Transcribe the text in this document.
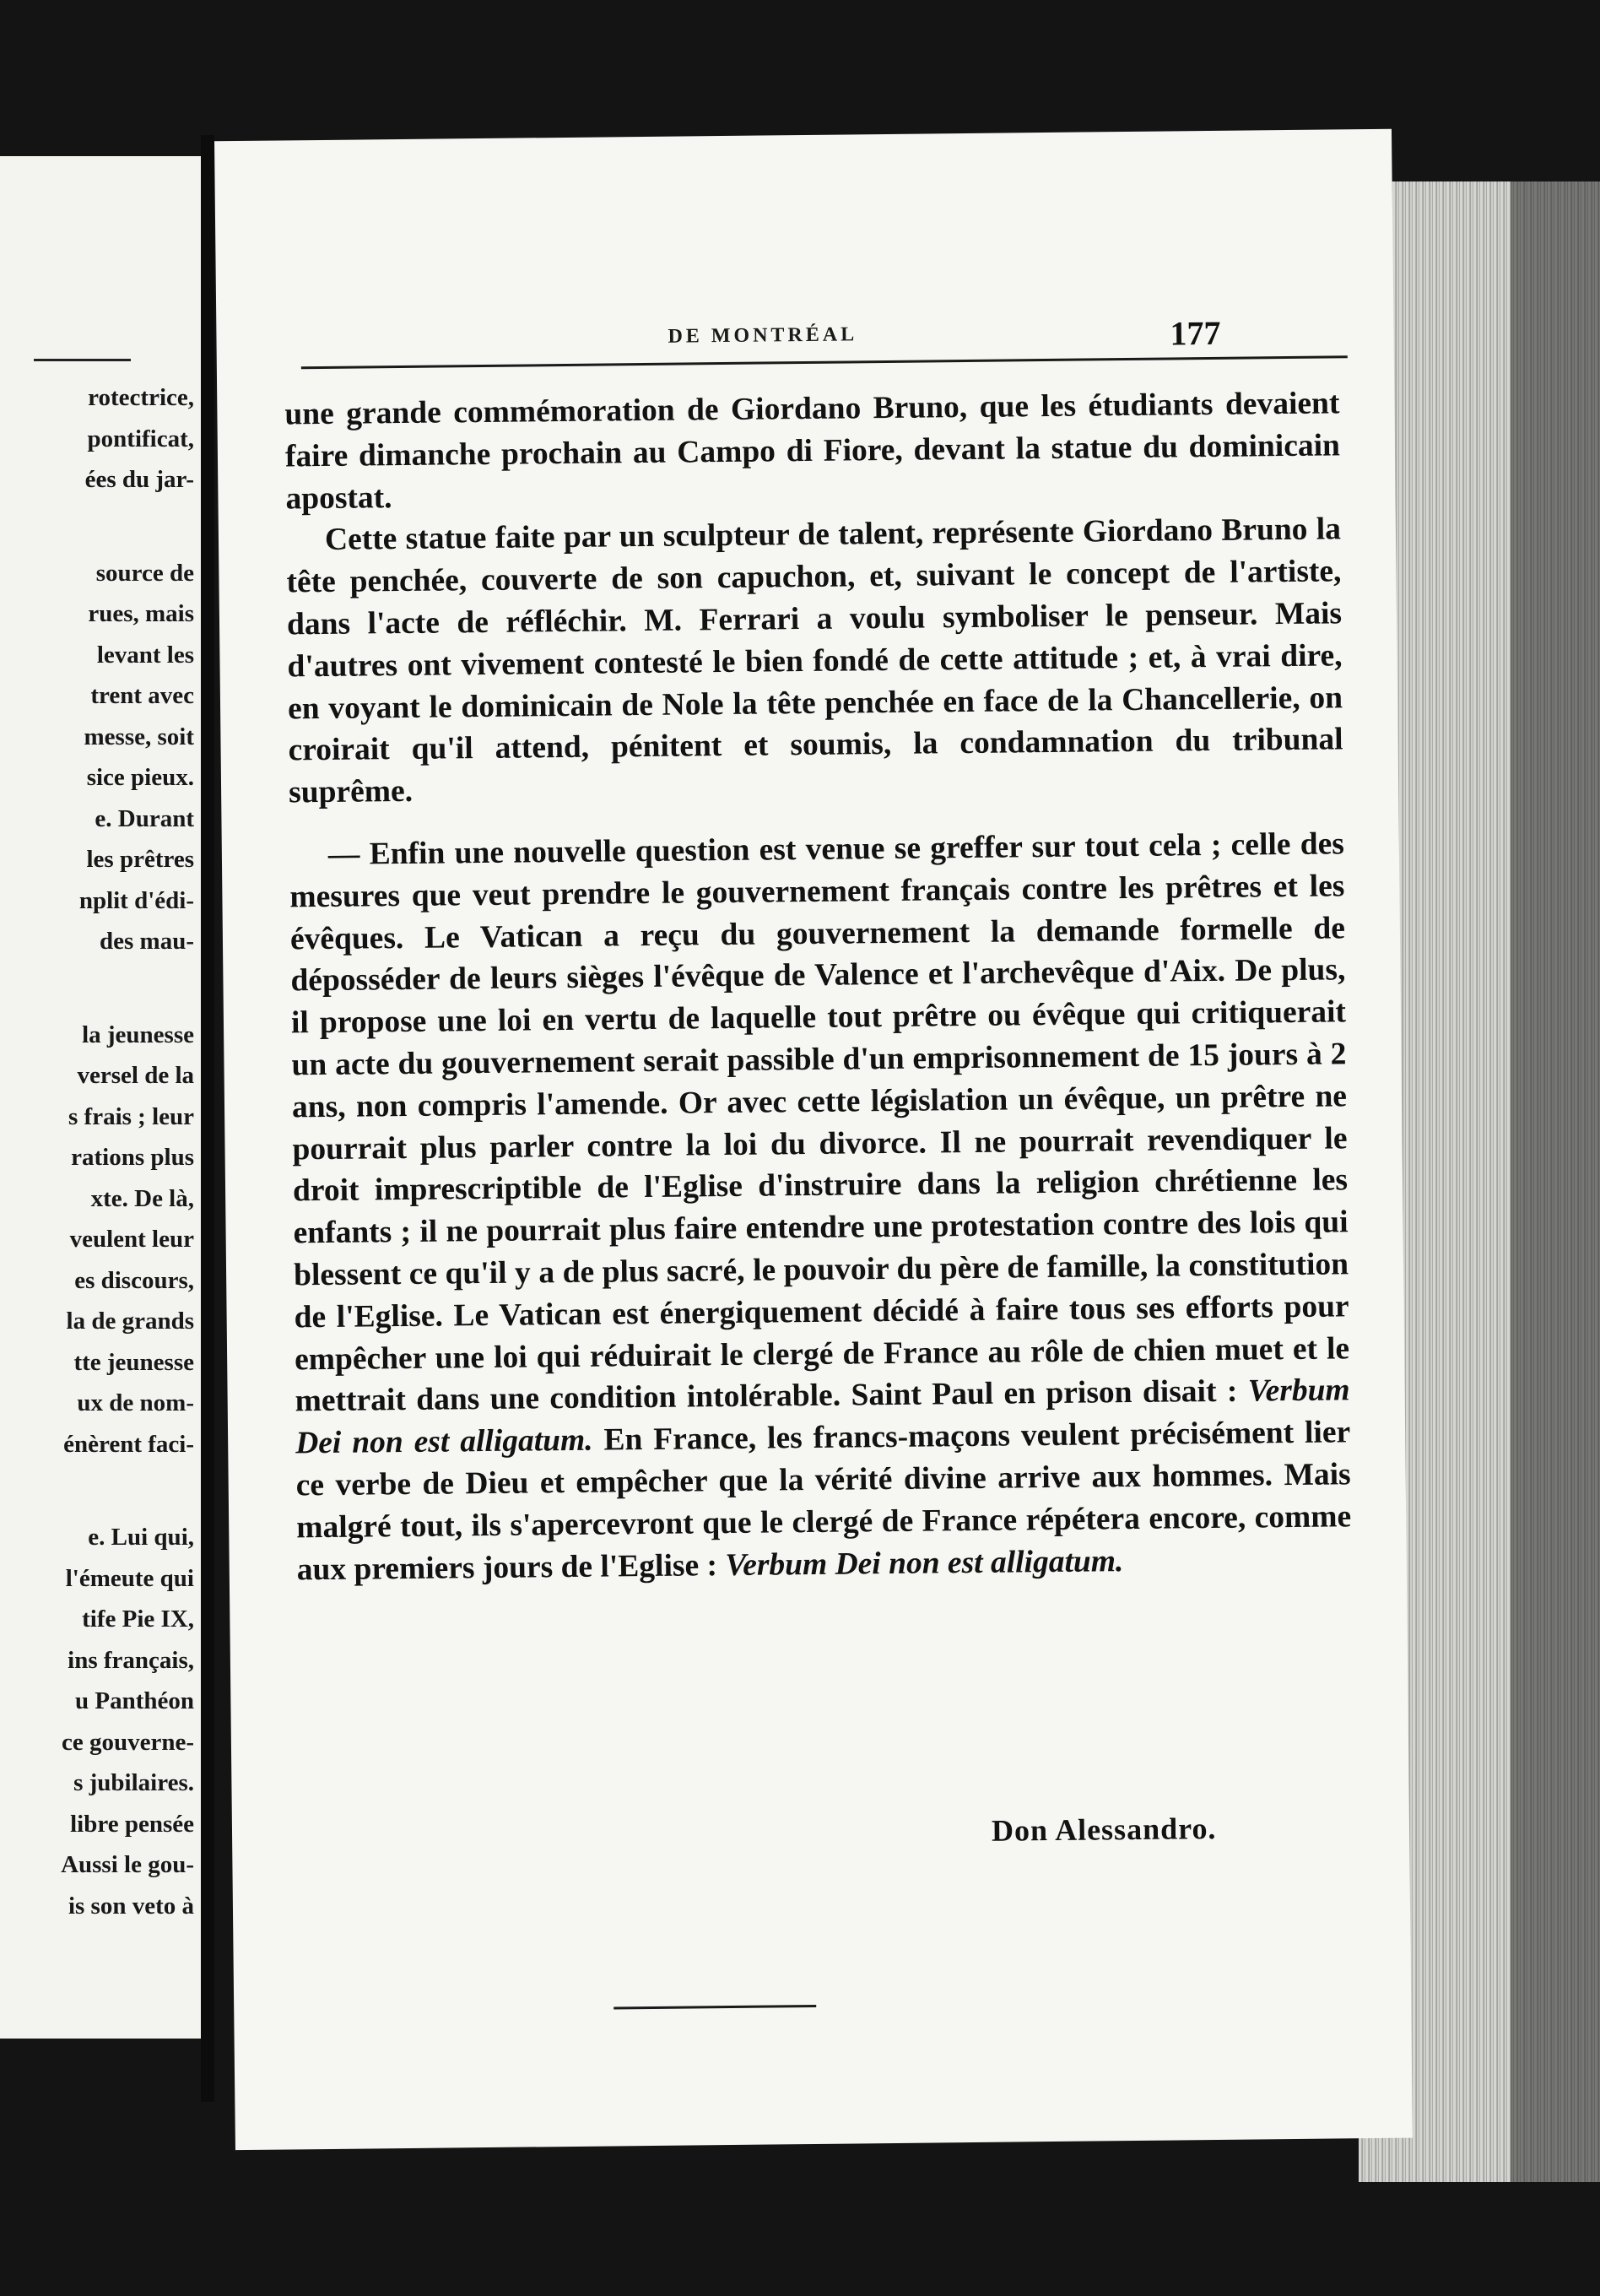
rotectrice,
pontificat,
ées du jar-
source de
rues, mais
levant les
trent avec
messe, soit
sice pieux.
e. Durant
les prêtres
nplit d'édi-
des mau-
la jeunesse
versel de la
s frais ; leur
rations plus
xte. De là,
veulent leur
es discours,
la de grands
tte jeunesse
ux de nom-
énèrent faci-
e. Lui qui,
l'émeute qui
tife Pie IX,
ins français,
u Panthéon
ce gouverne-
s jubilaires.
libre pensée
Aussi le gou-
is son veto à
DE MONTRÉAL	177

une grande commémoration de Giordano Bruno, que les étudiants devaient faire dimanche prochain au Campo di Fiore, devant la statue du dominicain apostat.

Cette statue faite par un sculpteur de talent, représente Giordano Bruno la tête penchée, couverte de son capuchon, et, suivant le concept de l'artiste, dans l'acte de réfléchir. M. Ferrari a voulu symboliser le penseur. Mais d'autres ont vivement contesté le bien fondé de cette attitude ; et, à vrai dire, en voyant le dominicain de Nole la tête penchée en face de la Chancellerie, on croirait qu'il attend, pénitent et soumis, la condamnation du tribunal suprême.

— Enfin une nouvelle question est venue se greffer sur tout cela ; celle des mesures que veut prendre le gouvernement français contre les prêtres et les évêques. Le Vatican a reçu du gouvernement la demande formelle de déposséder de leurs sièges l'évêque de Valence et l'archevêque d'Aix. De plus, il propose une loi en vertu de laquelle tout prêtre ou évêque qui critiquerait un acte du gouvernement serait passible d'un emprisonnement de 15 jours à 2 ans, non compris l'amende. Or avec cette législation un évêque, un prêtre ne pourrait plus parler contre la loi du divorce. Il ne pourrait revendiquer le droit imprescriptible de l'Eglise d'instruire dans la religion chrétienne les enfants ; il ne pourrait plus faire entendre une protestation contre des lois qui blessent ce qu'il y a de plus sacré, le pouvoir du père de famille, la constitution de l'Eglise. Le Vatican est énergiquement décidé à faire tous ses efforts pour empêcher une loi qui réduirait le clergé de France au rôle de chien muet et le mettrait dans une condition intolérable. Saint Paul en prison disait : Verbum Dei non est alligatum. En France, les francs-maçons veulent précisément lier ce verbe de Dieu et empêcher que la vérité divine arrive aux hommes. Mais malgré tout, ils s'apercevront que le clergé de France répétera encore, comme aux premiers jours de l'Eglise : Verbum Dei non est alligatum.

Don Alessandro.
